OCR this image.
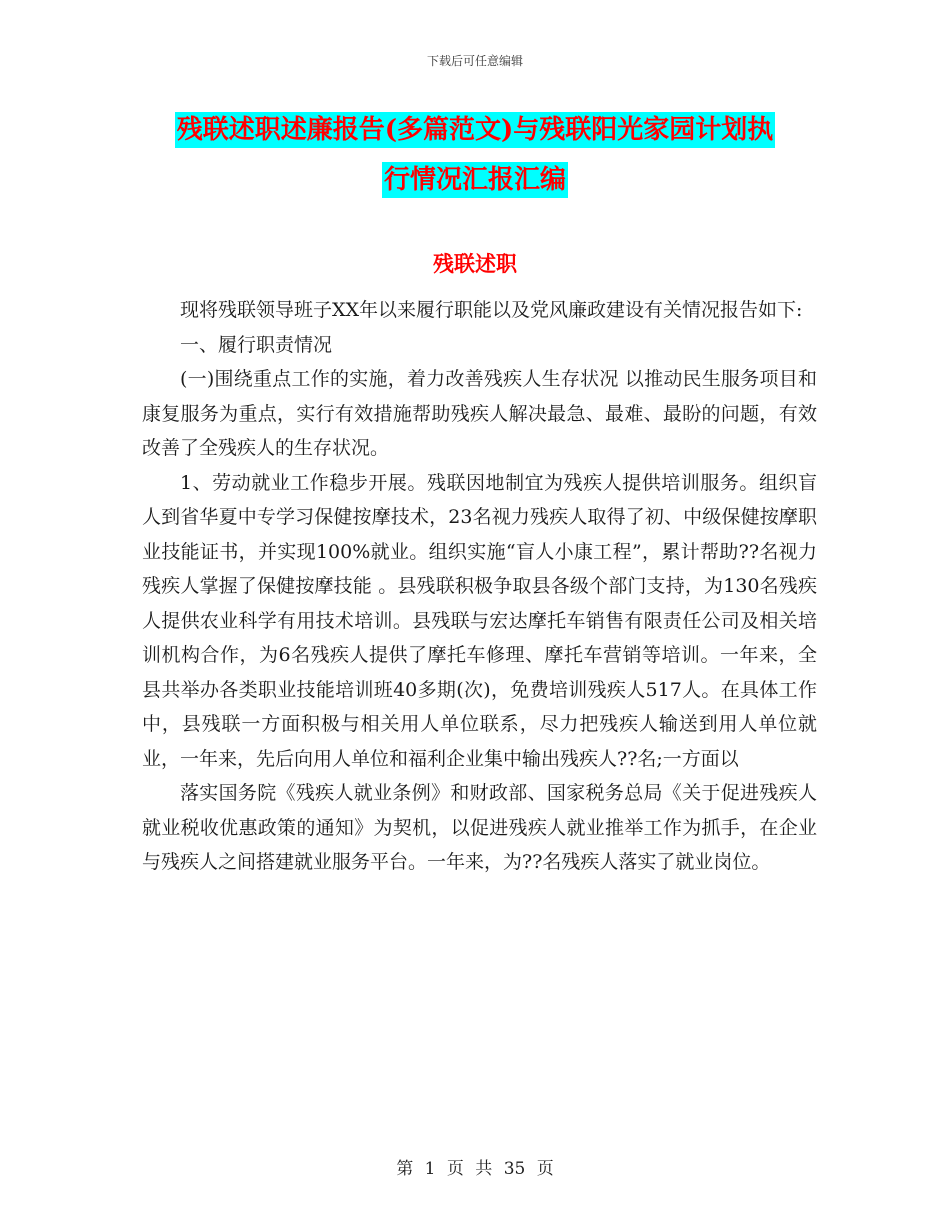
下载后可任意编辑
残联述职述廉报告(多篇范文)与残联阳光家园计划执
行情况汇报汇编
残联述职

现将残联领导班子XX年以来履行职能以及党风廉政建设有关情况报告如下:

一、履行职责情况

(一)围绕重点工作的实施，着力改善残疾人生存状况 以推动民生服务项目和康复服务为重点，实行有效措施帮助残疾人解决最急、最难、最盼的问题，有效改善了全残疾人的生存状况。

1、劳动就业工作稳步开展。残联因地制宜为残疾人提供培训服务。组织盲人到省华夏中专学习保健按摩技术，23名视力残疾人取得了初、中级保健按摩职业技能证书，并实现100%就业。组织实施“盲人小康工程”，累计帮助??名视力残疾人掌握了保健按摩技能 。县残联积极争取县各级个部门支持，为130名残疾人提供农业科学有用技术培训。县残联与宏达摩托车销售有限责任公司及相关培训机构合作，为6名残疾人提供了摩托车修理、摩托车营销等培训。一年来，全县共举办各类职业技能培训班40多期(次)，免费培训残疾人517人。在具体工作中，县残联一方面积极与相关用人单位联系，尽力把残疾人输送到用人单位就业，一年来，先后向用人单位和福利企业集中输出残疾人??名;一方面以

落实国务院《残疾人就业条例》和财政部、国家税务总局《关于促进残疾人就业税收优惠政策的通知》为契机，以促进残疾人就业推举工作为抓手，在企业与残疾人之间搭建就业服务平台。一年来，为??名残疾人落实了就业岗位。

第 1 页 共 35 页
